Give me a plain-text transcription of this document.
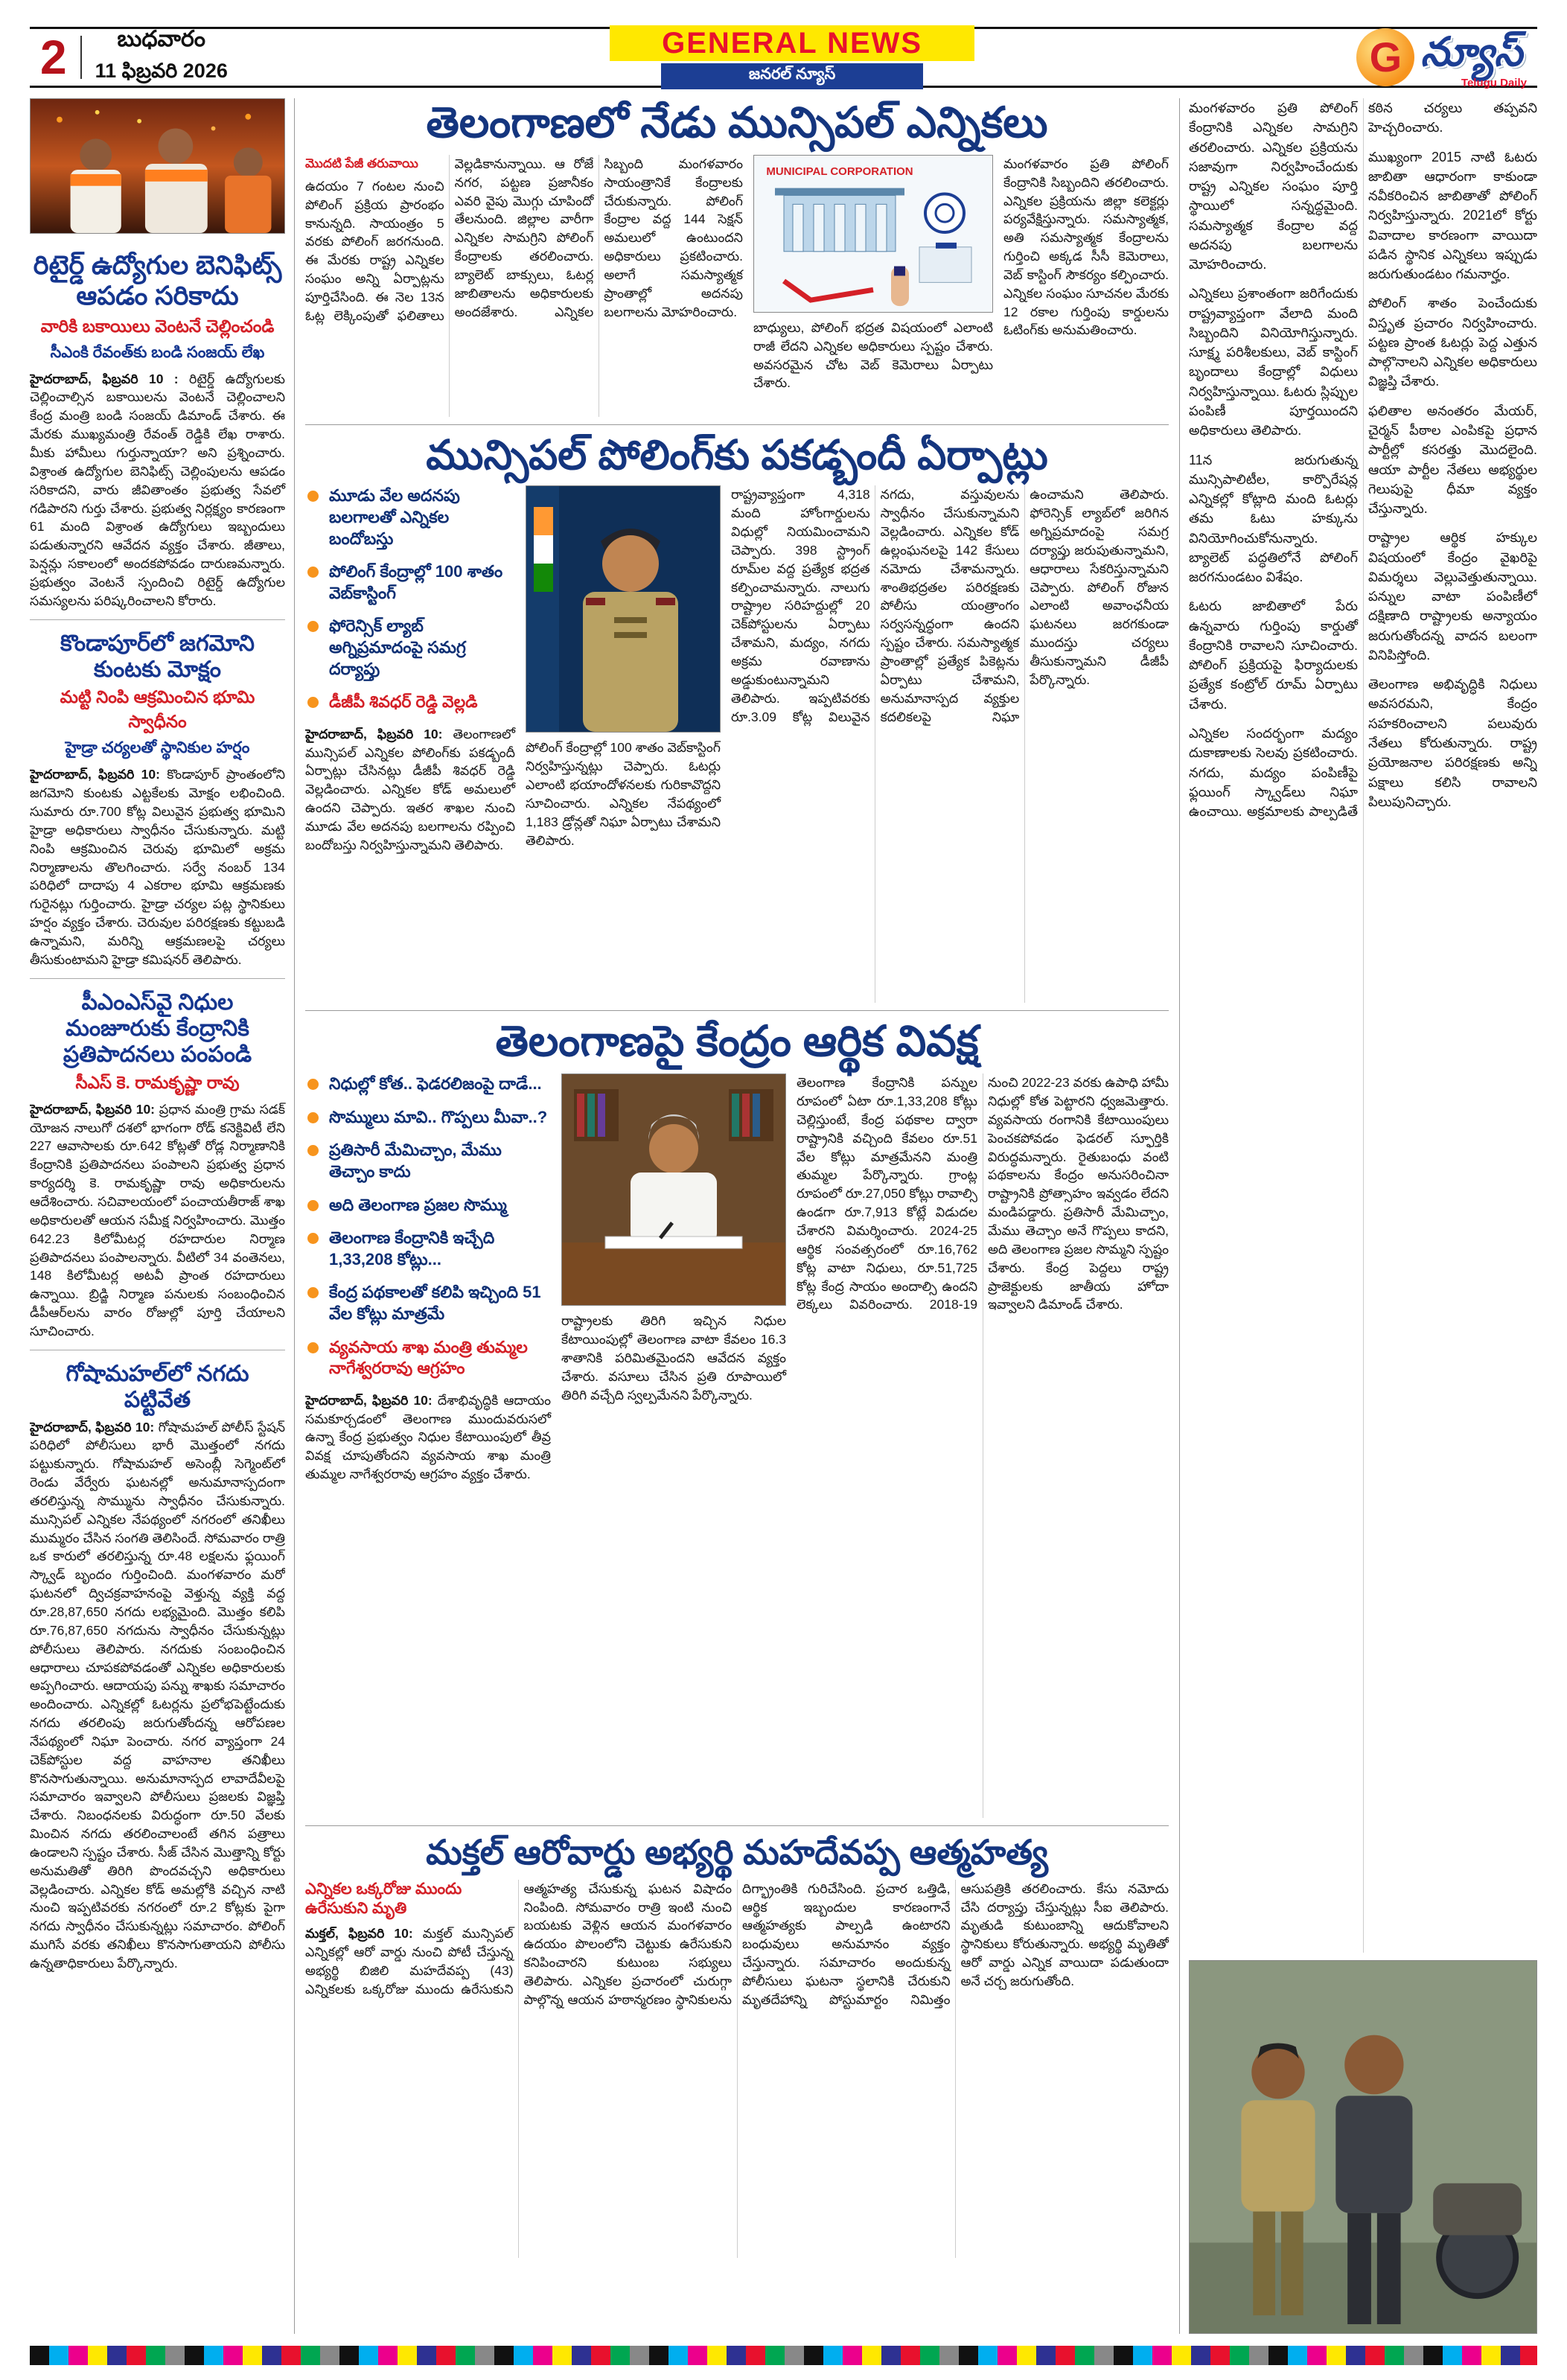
2	బుధవారం
11 ఫిబ్రవరి 2026
GENERAL NEWS
జనరల్ న్యూస్	G న్యూస్
Telugu Daily
రిటైర్డ్ ఉద్యోగుల బెనిఫిట్స్ ఆపడం సరికాదు

వారికి బకాయిలు వెంటనే చెల్లించండి

సీఎంకి రేవంత్‌కు బండి సంజయ్ లేఖ

హైదరాబాద్, ఫిబ్రవరి 10 : రిటైర్డ్ ఉద్యోగులకు చెల్లించాల్సిన బకాయిలను వెంటనే చెల్లించాలని కేంద్ర మంత్రి బండి సంజయ్ డిమాండ్ చేశారు. ఈ మేరకు ముఖ్యమంత్రి రేవంత్ రెడ్డికి లేఖ రాశారు. మీకు హామీలు గుర్తున్నాయా? అని ప్రశ్నించారు. విశ్రాంత ఉద్యోగుల బెనిఫిట్స్ చెల్లింపులను ఆపడం సరికాదని, వారు జీవితాంతం ప్రభుత్వ సేవలో గడిపారని గుర్తు చేశారు. ప్రభుత్వ నిర్లక్ష్యం కారణంగా 61 మంది విశ్రాంత ఉద్యోగులు ఇబ్బందులు పడుతున్నారని ఆవేదన వ్యక్తం చేశారు. జీతాలు, పెన్షన్లు సకాలంలో అందకపోవడం దారుణమన్నారు. ప్రభుత్వం వెంటనే స్పందించి రిటైర్డ్ ఉద్యోగుల సమస్యలను పరిష్కరించాలని కోరారు.

కొండాపూర్‌లో జగమోని కుంటకు మోక్షం

మట్టి నింపి ఆక్రమించిన భూమి స్వాధీనం

హైడ్రా చర్యలతో స్థానికుల హర్షం

హైదరాబాద్, ఫిబ్రవరి 10: కొండాపూర్ ప్రాంతంలోని జగమోని కుంటకు ఎట్టకేలకు మోక్షం లభించింది. సుమారు రూ.700 కోట్ల విలువైన ప్రభుత్వ భూమిని హైడ్రా అధికారులు స్వాధీనం చేసుకున్నారు. మట్టి నింపి ఆక్రమించిన చెరువు భూమిలో అక్రమ నిర్మాణాలను తొలగించారు. సర్వే నంబర్ 134 పరిధిలో దాదాపు 4 ఎకరాల భూమి ఆక్రమణకు గురైనట్లు గుర్తించారు. హైడ్రా చర్యల పట్ల స్థానికులు హర్షం వ్యక్తం చేశారు. చెరువుల పరిరక్షణకు కట్టుబడి ఉన్నామని, మరిన్ని ఆక్రమణలపై చర్యలు తీసుకుంటామని హైడ్రా కమిషనర్ తెలిపారు.

పీఎంఎస్‌వై నిధుల మంజూరుకు కేంద్రానికి ప్రతిపాదనలు పంపండి

సీఎస్ కె. రామకృష్ణా రావు

హైదరాబాద్, ఫిబ్రవరి 10: ప్రధాన మంత్రి గ్రామ సడక్ యోజన నాలుగో దశలో భాగంగా రోడ్ కనెక్టివిటీ లేని 227 ఆవాసాలకు రూ.642 కోట్లతో రోడ్ల నిర్మాణానికి కేంద్రానికి ప్రతిపాదనలు పంపాలని ప్రభుత్వ ప్రధాన కార్యదర్శి కె. రామకృష్ణా రావు అధికారులను ఆదేశించారు. సచివాలయంలో పంచాయతీరాజ్ శాఖ అధికారులతో ఆయన సమీక్ష నిర్వహించారు. మొత్తం 642.23 కిలోమీటర్ల రహదారుల నిర్మాణ ప్రతిపాదనలు పంపాలన్నారు. వీటిలో 34 వంతెనలు, 148 కిలోమీటర్ల అటవీ ప్రాంత రహదారులు ఉన్నాయి. బ్రిడ్జి నిర్మాణ పనులకు సంబంధించిన డీపీఆర్‌లను వారం రోజుల్లో పూర్తి చేయాలని సూచించారు.

గోషామహల్‌లో నగదు పట్టివేత

హైదరాబాద్, ఫిబ్రవరి 10: గోషామహల్ పోలీస్ స్టేషన్ పరిధిలో పోలీసులు భారీ మొత్తంలో నగదు పట్టుకున్నారు. గోషామహల్ అసెంబ్లీ సెగ్మెంట్‌లో రెండు వేర్వేరు ఘటనల్లో అనుమానాస్పదంగా తరలిస్తున్న సొమ్మును స్వాధీనం చేసుకున్నారు. మున్సిపల్ ఎన్నికల నేపథ్యంలో నగరంలో తనిఖీలు ముమ్మరం చేసిన సంగతి తెలిసిందే. సోమవారం రాత్రి ఒక కారులో తరలిస్తున్న రూ.48 లక్షలను ఫ్లయింగ్ స్క్వాడ్ బృందం గుర్తించింది. మంగళవారం మరో ఘటనలో ద్విచక్రవాహనంపై వెళ్తున్న వ్యక్తి వద్ద రూ.28,87,650 నగదు లభ్యమైంది. మొత్తం కలిపి రూ.76,87,650 నగదును స్వాధీనం చేసుకున్నట్లు పోలీసులు తెలిపారు. నగదుకు సంబంధించిన ఆధారాలు చూపకపోవడంతో ఎన్నికల అధికారులకు అప్పగించారు. ఆదాయపు పన్ను శాఖకు సమాచారం అందించారు. ఎన్నికల్లో ఓటర్లను ప్రలోభపెట్టేందుకు నగదు తరలింపు జరుగుతోందన్న ఆరోపణల నేపథ్యంలో నిఘా పెంచారు. నగర వ్యాప్తంగా 24 చెక్‌పోస్టుల వద్ద వాహనాల తనిఖీలు కొనసాగుతున్నాయి. అనుమానాస్పద లావాదేవీలపై సమాచారం ఇవ్వాలని పోలీసులు ప్రజలకు విజ్ఞప్తి చేశారు. నిబంధనలకు విరుద్ధంగా రూ.50 వేలకు మించిన నగదు తరలించాలంటే తగిన పత్రాలు ఉండాలని స్పష్టం చేశారు. సీజ్ చేసిన మొత్తాన్ని కోర్టు అనుమతితో తిరిగి పొందవచ్చని అధికారులు వెల్లడించారు. ఎన్నికల కోడ్ అమల్లోకి వచ్చిన నాటి నుంచి ఇప్పటివరకు నగరంలో రూ.2 కోట్లకు పైగా నగదు స్వాధీనం చేసుకున్నట్లు సమాచారం. పోలింగ్ ముగిసే వరకు తనిఖీలు కొనసాగుతాయని పోలీసు ఉన్నతాధికారులు పేర్కొన్నారు.

తెలంగాణలో నేడు మున్సిపల్ ఎన్నికలు

మొదటి పేజీ తరువాయి

ఉదయం 7 గంటల నుంచి పోలింగ్ ప్రక్రియ ప్రారంభం కానున్నది. సాయంత్రం 5 వరకు పోలింగ్ జరగనుంది. ఈ మేరకు రాష్ట్ర ఎన్నికల సంఘం అన్ని ఏర్పాట్లను పూర్తిచేసింది. ఈ నెల 13న ఓట్ల లెక్కింపుతో ఫలితాలు వెల్లడికానున్నాయి. ఆ రోజే నగర, పట్టణ ప్రజానీకం ఎవరి వైపు మొగ్గు చూపిందో తేలనుంది. జిల్లాల వారీగా ఎన్నికల సామగ్రిని పోలింగ్ కేంద్రాలకు తరలించారు. బ్యాలెట్ బాక్సులు, ఓటర్ల జాబితాలను అధికారులకు అందజేశారు. ఎన్నికల సిబ్బంది మంగళవారం సాయంత్రానికే కేంద్రాలకు చేరుకున్నారు. పోలింగ్ కేంద్రాల వద్ద 144 సెక్షన్ అమలులో ఉంటుందని అధికారులు ప్రకటించారు. అలాగే సమస్యాత్మక ప్రాంతాల్లో అదనపు బలగాలను మోహరించారు.
MUNICIPAL CORPORATION

బాధ్యులు, పోలింగ్ భద్రత విషయంలో ఎలాంటి రాజీ లేదని ఎన్నికల అధికారులు స్పష్టం చేశారు. అవసరమైన చోట వెబ్ కెమెరాలు ఏర్పాటు చేశారు.

మంగళవారం ప్రతి పోలింగ్ కేంద్రానికి సిబ్బందిని తరలించారు. ఎన్నికల ప్రక్రియను జిల్లా కలెక్టర్లు పర్యవేక్షిస్తున్నారు. సమస్యాత్మక, అతి సమస్యాత్మక కేంద్రాలను గుర్తించి అక్కడ సీసీ కెమెరాలు, వెబ్ కాస్టింగ్ సౌకర్యం కల్పించారు. ఎన్నికల సంఘం సూచనల మేరకు 12 రకాల గుర్తింపు కార్డులను ఓటింగ్‌కు అనుమతించారు.
మున్సిపల్ పోలింగ్‌కు పకడ్బందీ ఏర్పాట్లు

మూడు వేల అదనపు బలగాలతో ఎన్నికల బందోబస్తు

పోలింగ్ కేంద్రాల్లో 100 శాతం వెబ్‌కాస్టింగ్

ఫోరెన్సిక్ ల్యాబ్ అగ్నిప్రమాదంపై సమగ్ర దర్యాప్తు

డీజీపీ శివధర్ రెడ్డి వెల్లడి

హైదరాబాద్, ఫిబ్రవరి 10: తెలంగాణలో మున్సిపల్ ఎన్నికల పోలింగ్‌కు పకడ్బందీ ఏర్పాట్లు చేసినట్లు డీజీపీ శివధర్ రెడ్డి వెల్లడించారు. ఎన్నికల కోడ్ అమలులో ఉందని చెప్పారు. ఇతర శాఖల నుంచి మూడు వేల అదనపు బలగాలను రప్పించి బందోబస్తు నిర్వహిస్తున్నామని తెలిపారు.

పోలింగ్ కేంద్రాల్లో 100 శాతం వెబ్‌కాస్టింగ్ నిర్వహిస్తున్నట్లు చెప్పారు. ఓటర్లు ఎలాంటి భయాందోళనలకు గురికావొద్దని సూచించారు. ఎన్నికల నేపథ్యంలో 1,183 డ్రోన్లతో నిఘా ఏర్పాటు చేశామని తెలిపారు.

రాష్ట్రవ్యాప్తంగా 4,318 మంది హోంగార్డులను విధుల్లో నియమించామని చెప్పారు. 398 స్ట్రాంగ్ రూమ్‌ల వద్ద ప్రత్యేక భద్రత కల్పించామన్నారు. నాలుగు రాష్ట్రాల సరిహద్దుల్లో 20 చెక్‌పోస్టులను ఏర్పాటు చేశామని, మద్యం, నగదు అక్రమ రవాణాను అడ్డుకుంటున్నామని తెలిపారు. ఇప్పటివరకు రూ.3.09 కోట్ల విలువైన నగదు, వస్తువులను స్వాధీనం చేసుకున్నామని వెల్లడించారు. ఎన్నికల కోడ్ ఉల్లంఘనలపై 142 కేసులు నమోదు చేశామన్నారు. శాంతిభద్రతల పరిరక్షణకు పోలీసు యంత్రాంగం సర్వసన్నద్ధంగా ఉందని స్పష్టం చేశారు. సమస్యాత్మక ప్రాంతాల్లో ప్రత్యేక పికెట్లను ఏర్పాటు చేశామని, అనుమానాస్పద వ్యక్తుల కదలికలపై నిఘా ఉంచామని తెలిపారు. ఫోరెన్సిక్ ల్యాబ్‌లో జరిగిన అగ్నిప్రమాదంపై సమగ్ర దర్యాప్తు జరుపుతున్నామని, ఆధారాలు సేకరిస్తున్నామని చెప్పారు. పోలింగ్ రోజున ఎలాంటి అవాంఛనీయ ఘటనలు జరగకుండా ముందస్తు చర్యలు తీసుకున్నామని డీజీపీ పేర్కొన్నారు.
తెలంగాణపై కేంద్రం ఆర్థిక వివక్ష

నిధుల్లో కోత.. ఫెడరలిజంపై దాడే...

సొమ్ములు మావి.. గొప్పలు మీవా..?

ప్రతిసారీ మేమిచ్చాం, మేము తెచ్చాం కాదు

అది తెలంగాణ ప్రజల సొమ్ము

తెలంగాణ కేంద్రానికి ఇచ్చేది 1,33,208 కోట్లు...

కేంద్ర పథకాలతో కలిపి ఇచ్చింది 51 వేల కోట్లు మాత్రమే

వ్యవసాయ శాఖ మంత్రి తుమ్మల నాగేశ్వరరావు ఆగ్రహం

హైదరాబాద్, ఫిబ్రవరి 10: దేశాభివృద్ధికి ఆదాయం సమకూర్చడంలో తెలంగాణ ముందువరుసలో ఉన్నా కేంద్ర ప్రభుత్వం నిధుల కేటాయింపులో తీవ్ర వివక్ష చూపుతోందని వ్యవసాయ శాఖ మంత్రి తుమ్మల నాగేశ్వరరావు ఆగ్రహం వ్యక్తం చేశారు.

రాష్ట్రాలకు తిరిగి ఇచ్చిన నిధుల కేటాయింపుల్లో తెలంగాణ వాటా కేవలం 16.3 శాతానికి పరిమితమైందని ఆవేదన వ్యక్తం చేశారు. వసూలు చేసిన ప్రతి రూపాయిలో తిరిగి వచ్చేది స్వల్పమేనని పేర్కొన్నారు.

తెలంగాణ కేంద్రానికి పన్నుల రూపంలో ఏటా రూ.1,33,208 కోట్లు చెల్లిస్తుంటే, కేంద్ర పథకాల ద్వారా రాష్ట్రానికి వచ్చింది కేవలం రూ.51 వేల కోట్లు మాత్రమేనని మంత్రి తుమ్మల పేర్కొన్నారు. గ్రాంట్ల రూపంలో రూ.27,050 కోట్లు రావాల్సి ఉండగా రూ.7,913 కోట్లే విడుదల చేశారని విమర్శించారు. 2024-25 ఆర్థిక సంవత్సరంలో రూ.16,762 కోట్ల వాటా నిధులు, రూ.51,725 కోట్ల కేంద్ర సాయం అందాల్సి ఉందని లెక్కలు వివరించారు. 2018-19 నుంచి 2022-23 వరకు ఉపాధి హామీ నిధుల్లో కోత పెట్టారని ధ్వజమెత్తారు. వ్యవసాయ రంగానికి కేటాయింపులు పెంచకపోవడం ఫెడరల్ స్ఫూర్తికి విరుద్ధమన్నారు. రైతుబంధు వంటి పథకాలను కేంద్రం అనుసరించినా రాష్ట్రానికి ప్రోత్సాహం ఇవ్వడం లేదని మండిపడ్డారు. ప్రతిసారీ మేమిచ్చాం, మేము తెచ్చాం అనే గొప్పలు కాదని, అది తెలంగాణ ప్రజల సొమ్మని స్పష్టం చేశారు. కేంద్ర పెద్దలు రాష్ట్ర ప్రాజెక్టులకు జాతీయ హోదా ఇవ్వాలని డిమాండ్ చేశారు.
మక్తల్ ఆరోవార్డు అభ్యర్థి మహదేవప్ప ఆత్మహత్య

ఎన్నికల ఒక్కరోజు ముందు ఉరేసుకుని మృతి

మక్తల్, ఫిబ్రవరి 10: మక్తల్ మున్సిపల్ ఎన్నికల్లో ఆరో వార్డు నుంచి పోటీ చేస్తున్న అభ్యర్థి బిజిలి మహదేవప్ప (43) ఎన్నికలకు ఒక్కరోజు ముందు ఉరేసుకుని ఆత్మహత్య చేసుకున్న ఘటన విషాదం నింపింది. సోమవారం రాత్రి ఇంటి నుంచి బయటకు వెళ్లిన ఆయన మంగళవారం ఉదయం పొలంలోని చెట్టుకు ఉరేసుకుని కనిపించారని కుటుంబ సభ్యులు తెలిపారు. ఎన్నికల ప్రచారంలో చురుగ్గా పాల్గొన్న ఆయన హఠాన్మరణం స్థానికులను దిగ్భ్రాంతికి గురిచేసింది. ప్రచార ఒత్తిడి, ఆర్థిక ఇబ్బందుల కారణంగానే ఆత్మహత్యకు పాల్పడి ఉంటారని బంధువులు అనుమానం వ్యక్తం చేస్తున్నారు. సమాచారం అందుకున్న పోలీసులు ఘటనా స్థలానికి చేరుకుని మృతదేహాన్ని పోస్టుమార్టం నిమిత్తం ఆసుపత్రికి తరలించారు. కేసు నమోదు చేసి దర్యాప్తు చేస్తున్నట్లు సీఐ తెలిపారు. మృతుడి కుటుంబాన్ని ఆదుకోవాలని స్థానికులు కోరుతున్నారు. అభ్యర్థి మృతితో ఆరో వార్డు ఎన్నిక వాయిదా పడుతుందా అనే చర్చ జరుగుతోంది.

మంగళవారం ప్రతి పోలింగ్ కేంద్రానికి ఎన్నికల సామగ్రిని తరలించారు. ఎన్నికల ప్రక్రియను సజావుగా నిర్వహించేందుకు రాష్ట్ర ఎన్నికల సంఘం పూర్తి స్థాయిలో సన్నద్ధమైంది. సమస్యాత్మక కేంద్రాల వద్ద అదనపు బలగాలను మోహరించారు.

ఎన్నికలు ప్రశాంతంగా జరిగేందుకు రాష్ట్రవ్యాప్తంగా వేలాది మంది సిబ్బందిని వినియోగిస్తున్నారు. సూక్ష్మ పరిశీలకులు, వెబ్ కాస్టింగ్ బృందాలు కేంద్రాల్లో విధులు నిర్వహిస్తున్నాయి. ఓటరు స్లిప్పుల పంపిణీ పూర్తయిందని అధికారులు తెలిపారు.

11న జరుగుతున్న మున్సిపాలిటీల, కార్పొరేషన్ల ఎన్నికల్లో కోట్లాది మంది ఓటర్లు తమ ఓటు హక్కును వినియోగించుకోనున్నారు. బ్యాలెట్ పద్ధతిలోనే పోలింగ్ జరగనుండటం విశేషం.

ఓటరు జాబితాలో పేరు ఉన్నవారు గుర్తింపు కార్డుతో కేంద్రానికి రావాలని సూచించారు. పోలింగ్ ప్రక్రియపై ఫిర్యాదులకు ప్రత్యేక కంట్రోల్ రూమ్ ఏర్పాటు చేశారు.

ఎన్నికల సందర్భంగా మద్యం దుకాణాలకు సెలవు ప్రకటించారు. నగదు, మద్యం పంపిణీపై ఫ్లయింగ్ స్క్వాడ్‌లు నిఘా ఉంచాయి. అక్రమాలకు పాల్పడితే కఠిన చర్యలు తప్పవని హెచ్చరించారు.

ముఖ్యంగా 2015 నాటి ఓటరు జాబితా ఆధారంగా కాకుండా నవీకరించిన జాబితాతో పోలింగ్ నిర్వహిస్తున్నారు. 2021లో కోర్టు వివాదాల కారణంగా వాయిదా పడిన స్థానిక ఎన్నికలు ఇప్పుడు జరుగుతుండటం గమనార్హం.

పోలింగ్ శాతం పెంచేందుకు విస్తృత ప్రచారం నిర్వహించారు. పట్టణ ప్రాంత ఓటర్లు పెద్ద ఎత్తున పాల్గొనాలని ఎన్నికల అధికారులు విజ్ఞప్తి చేశారు.

ఫలితాల అనంతరం మేయర్, చైర్మన్ పీఠాల ఎంపికపై ప్రధాన పార్టీల్లో కసరత్తు మొదలైంది. ఆయా పార్టీల నేతలు అభ్యర్థుల గెలుపుపై ధీమా వ్యక్తం చేస్తున్నారు.

రాష్ట్రాల ఆర్థిక హక్కుల విషయంలో కేంద్రం వైఖరిపై విమర్శలు వెల్లువెత్తుతున్నాయి. పన్నుల వాటా పంపిణీలో దక్షిణాది రాష్ట్రాలకు అన్యాయం జరుగుతోందన్న వాదన బలంగా వినిపిస్తోంది.

తెలంగాణ అభివృద్ధికి నిధులు అవసరమని, కేంద్రం సహకరించాలని పలువురు నేతలు కోరుతున్నారు. రాష్ట్ర ప్రయోజనాల పరిరక్షణకు అన్ని పక్షాలు కలిసి రావాలని పిలుపునిచ్చారు.
